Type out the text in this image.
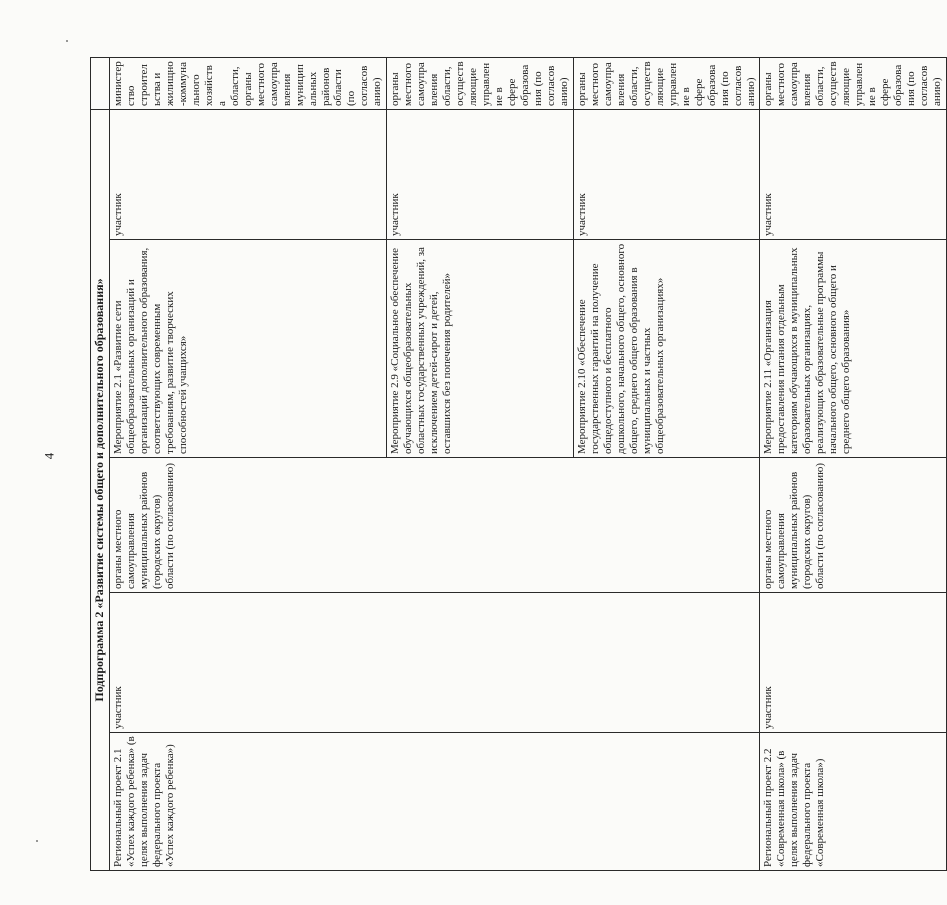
4	Подпрограмма 2 «Развитие системы общего и дополнительного образования»					
Региональный проект 2.1 «Успех каждого ребенка» (в целях выполнения задач федерального проекта «Успех каждого ребенка»)	участник	органы местного самоуправления муниципальных районов (городских округов) области (по согласованию)	Мероприятие 2.1 «Развитие сети общеобразовательных организаций и организаций дополнительного образования, соответствующих современным требованиям, развитие творческих способностей учащихся»	участник	министерство строительства и жилищно-коммунального хозяйства области, органы местного самоуправления муниципальных районов области (по согласованию)
			Мероприятие 2.9 «Социальное обеспечение обучающихся общеобразовательных областных государственных учреждений, за исключением детей-сирот и детей, оставшихся без попечения родителей»	участник	органы местного самоуправления области, осуществляющие управление в сфере образования (по согласованию)
			Мероприятие 2.10 «Обеспечение государственных гарантий на получение общедоступного и бесплатного дошкольного, начального общего, основного общего, среднего общего образования в муниципальных и частных общеобразовательных организациях»	участник	органы местного самоуправления области, осуществляющие управление в сфере образования (по согласованию)
Региональный проект 2.2 «Современная школа» (в целях выполнения задач федерального проекта «Современная школа»)	участник	органы местного самоуправления муниципальных районов (городских округов) области (по согласованию)	Мероприятие 2.11 «Организация предоставления питания отдельным категориям обучающихся в муниципальных образовательных организациях, реализующих образовательные программы начального общего, основного общего и среднего общего образования»	участник	органы местного самоуправления области, осуществляющие управление в сфере образования (по согласованию)
